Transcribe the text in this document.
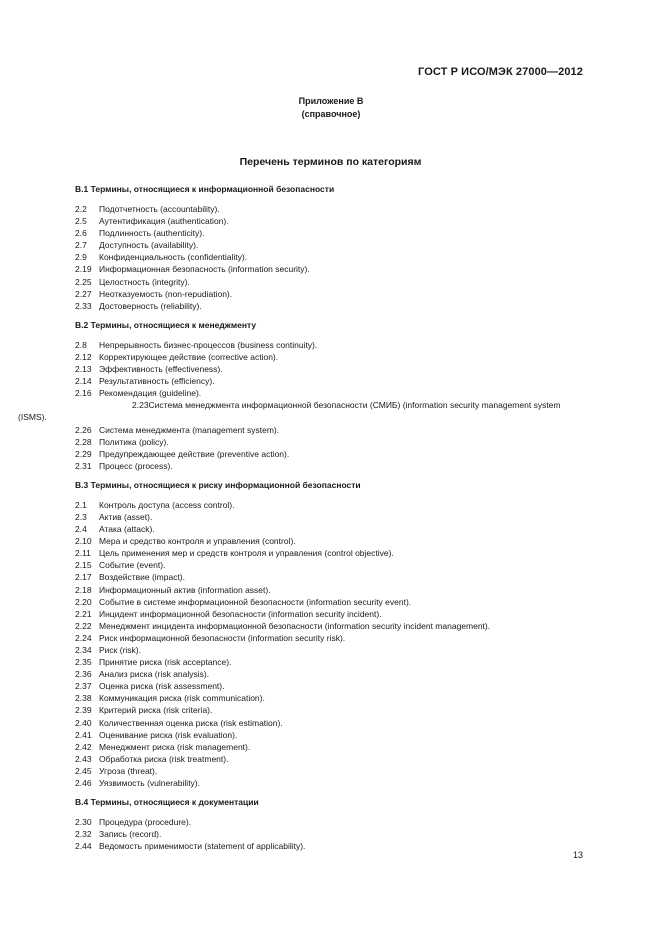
ГОСТ Р ИСО/МЭК 27000—2012
Приложение В
(справочное)
Перечень терминов по категориям
В.1 Термины, относящиеся к информационной безопасности
2.2 Подотчетность (accountability).
2.5 Аутентификация (authentication).
2.6 Подлинность (authenticity).
2.7 Доступность (availability).
2.9 Конфиденциальность (confidentiality).
2.19 Информационная безопасность (information security).
2.25 Целостность (integrity).
2.27 Неотказуемость (non-repudiation).
2.33 Достоверность (reliability).
В.2 Термины, относящиеся к менеджменту
2.8 Непрерывность бизнес-процессов (business continuity).
2.12 Корректирующее действие (corrective action).
2.13 Эффективность (effectiveness).
2.14 Результативность (efficiency).
2.16 Рекомендация (guideline).
2.23Система менеджмента информационной безопасности (СМИБ) (information security management system (ISMS).
2.26 Система менеджмента (management system).
2.28 Политика (policy).
2.29 Предупреждающее действие (preventive action).
2.31 Процесс (process).
В.3 Термины, относящиеся к риску информационной безопасности
2.1 Контроль доступа (access control).
2.3 Актив (asset).
2.4 Атака (attack).
2.10 Мера и средство контроля и управления (control).
2.11 Цель применения мер и средств контроля и управления (control objective).
2.15 Событие (event).
2.17 Воздействие (impact).
2.18 Информационный актив (information asset).
2.20 Событие в системе информационной безопасности (information security event).
2.21 Инцидент информационной безопасности (information security incident).
2.22 Менеджмент инцидента информационной безопасности (information security incident management).
2.24 Риск информационной безопасности (information security risk).
2.34 Риск (risk).
2.35 Принятие риска (risk acceptance).
2.36 Анализ риска (risk analysis).
2.37 Оценка риска (risk assessment).
2.38 Коммуникация риска (risk communication).
2.39 Критерий риска (risk criteria).
2.40 Количественная оценка риска (risk estimation).
2.41 Оценивание риска (risk evaluation).
2.42 Менеджмент риска (risk management).
2.43 Обработка риска (risk treatment).
2.45 Угроза (threat).
2.46 Уязвимость (vulnerability).
В.4 Термины, относящиеся к документации
2.30 Процедура (procedure).
2.32 Запись (record).
2.44 Ведомость применимости (statement of applicability).
13
